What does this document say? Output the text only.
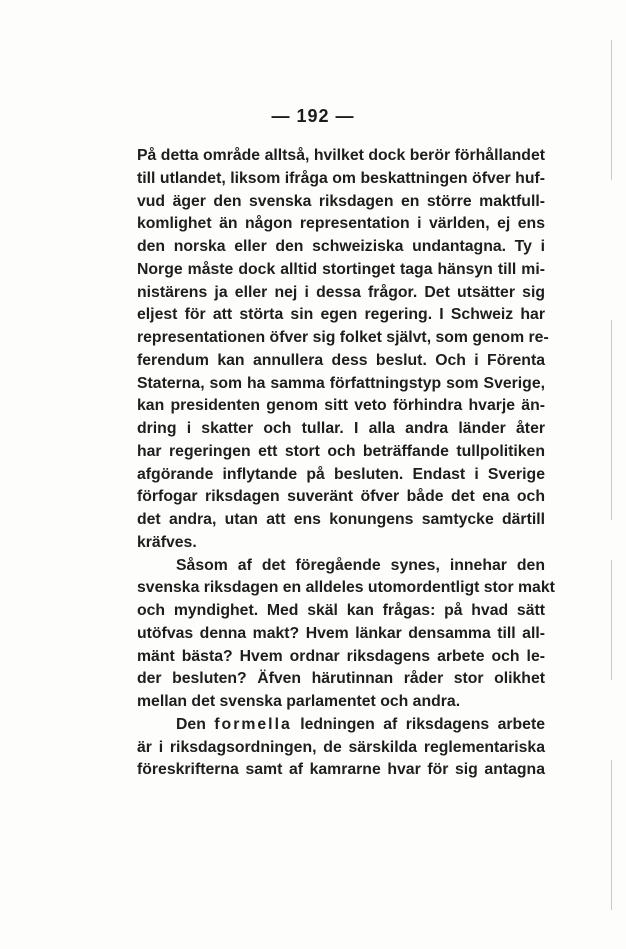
— 192 —
På detta område alltså, hvilket dock berör förhållandet
till utlandet, liksom ifråga om beskattningen öfver huf-
vud äger den svenska riksdagen en större maktfull-
komlighet än någon representation i världen, ej ens
den norska eller den schweiziska undantagna. Ty i
Norge måste dock alltid stortinget taga hänsyn till mi-
nistärens ja eller nej i dessa frågor. Det utsätter sig
eljest för att störta sin egen regering. I Schweiz har
representationen öfver sig folket självt, som genom re-
ferendum kan annullera dess beslut. Och i Förenta
Staterna, som ha samma författningstyp som Sverige,
kan presidenten genom sitt veto förhindra hvarje än-
dring i skatter och tullar. I alla andra länder åter
har regeringen ett stort och beträffande tullpolitiken
afgörande inflytande på besluten. Endast i Sverige
förfogar riksdagen suveränt öfver både det ena och
det andra, utan att ens konungens samtycke därtill
kräfves.
Såsom af det föregående synes, innehar den
svenska riksdagen en alldeles utomordentligt stor makt
och myndighet. Med skäl kan frågas: på hvad sätt
utöfvas denna makt? Hvem länkar densamma till all-
mänt bästa? Hvem ordnar riksdagens arbete och le-
der besluten? Äfven härutinnan råder stor olikhet
mellan det svenska parlamentet och andra.
Den formella ledningen af riksdagens arbete
är i riksdagsordningen, de särskilda reglementariska
föreskrifterna samt af kamrarne hvar för sig antagna
